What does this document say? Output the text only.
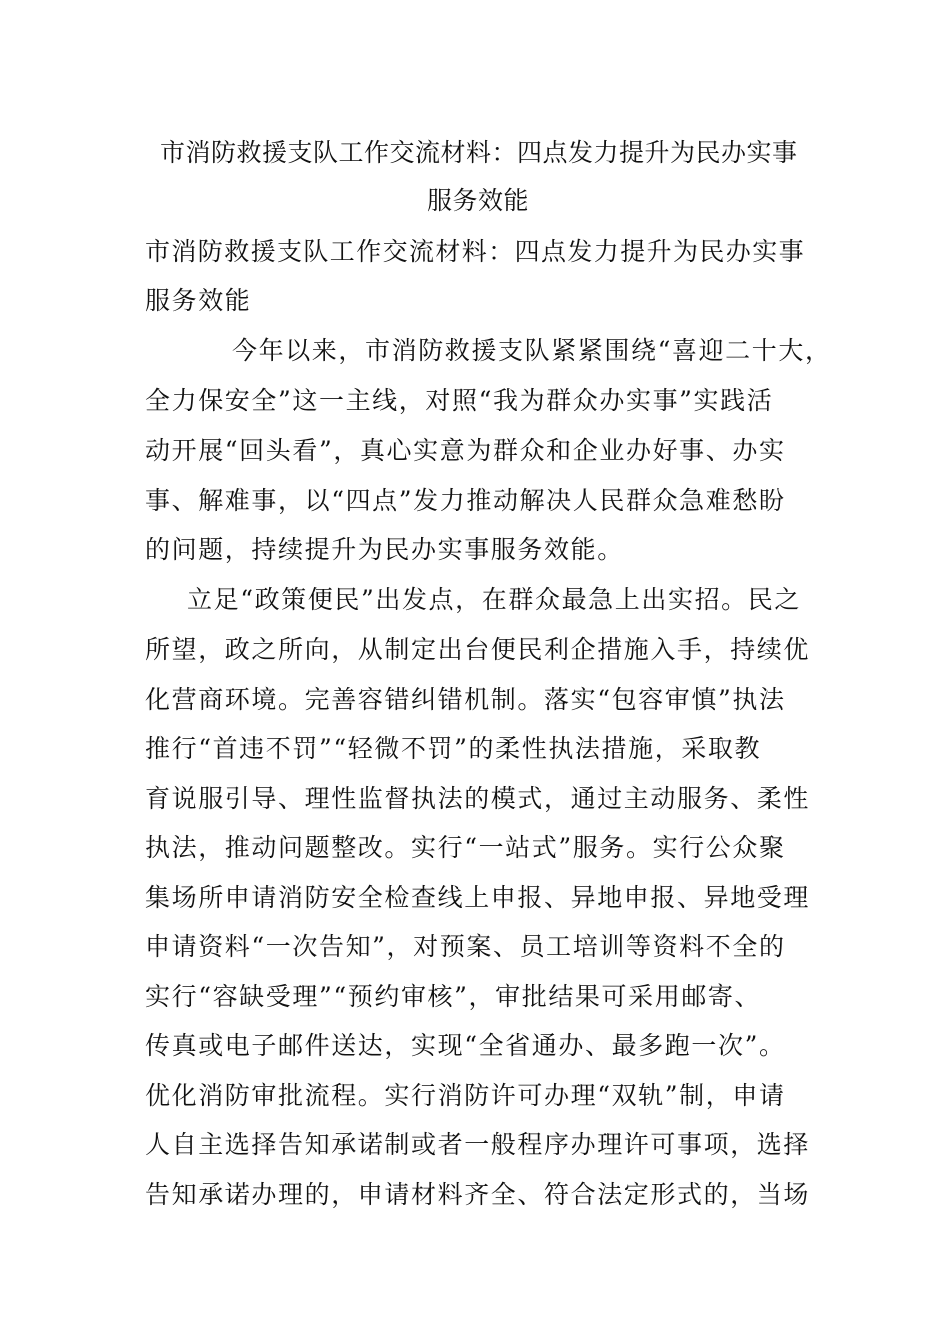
市消防救援支队工作交流材料：四点发力提升为民办实事
服务效能
市消防救援支队工作交流材料：四点发力提升为民办实事
服务效能
今年以来，市消防救援支队紧紧围绕“喜迎二十大，
全力保安全”这一主线，对照“我为群众办实事”实践活
动开展“回头看”，真心实意为群众和企业办好事、办实
事、解难事，以“四点”发力推动解决人民群众急难愁盼
的问题，持续提升为民办实事服务效能。
立足“政策便民”出发点，在群众最急上出实招。民之
所望，政之所向，从制定出台便民利企措施入手，持续优
化营商环境。完善容错纠错机制。落实“包容审慎”执法
推行“首违不罚”“轻微不罚”的柔性执法措施，采取教
育说服引导、理性监督执法的模式，通过主动服务、柔性
执法，推动问题整改。实行“一站式”服务。实行公众聚
集场所申请消防安全检查线上申报、异地申报、异地受理
申请资料“一次告知”，对预案、员工培训等资料不全的
实行“容缺受理”“预约审核”，审批结果可采用邮寄、
传真或电子邮件送达，实现“全省通办、最多跑一次”。
优化消防审批流程。实行消防许可办理“双轨”制，申请
人自主选择告知承诺制或者一般程序办理许可事项，选择
告知承诺办理的，申请材料齐全、符合法定形式的，当场
